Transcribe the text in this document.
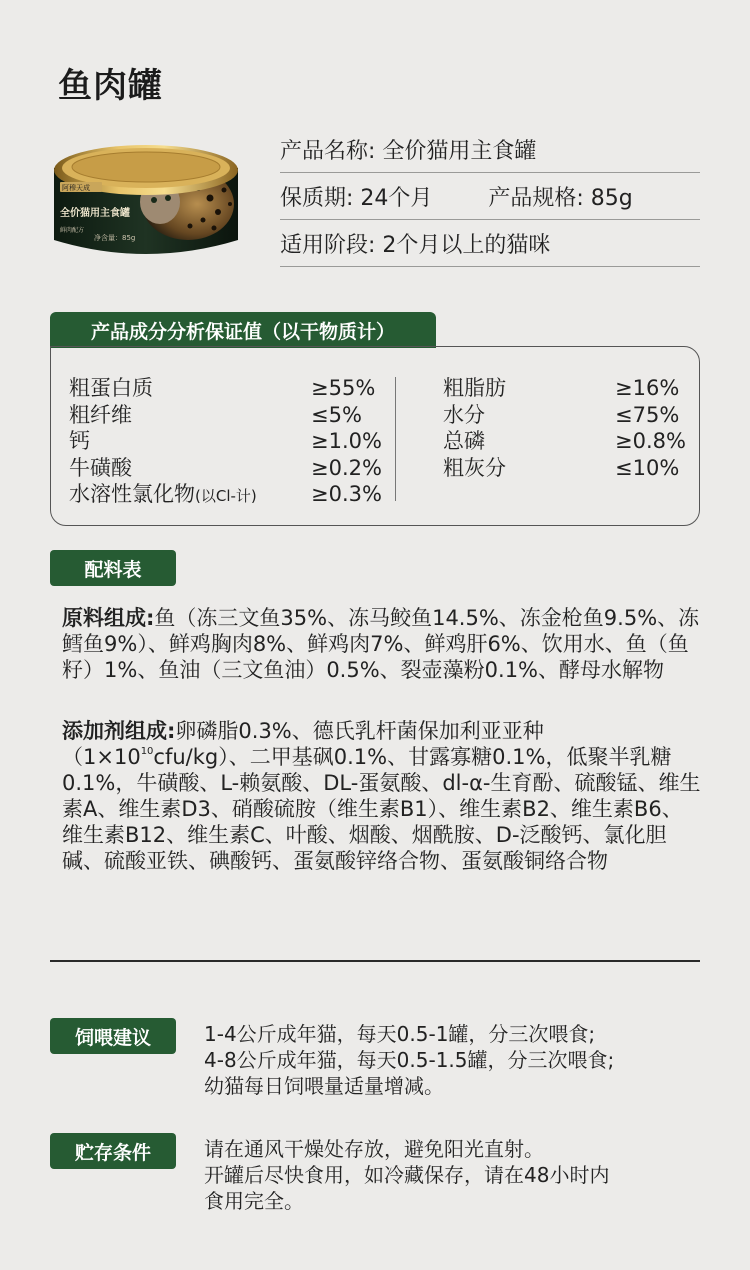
鱼肉罐
阿穆天成
全价猫用主食罐
鲜肉配方
净含量：85g
产品名称: 全价猫用主食罐
保质期: 24个月	产品规格: 85g
适用阶段: 2个月以上的猫咪
产品成分分析保证值（以干物质计）
粗蛋白质	≥55%
粗纤维	≤5%
钙	≥1.0%
牛磺酸	≥0.2%
水溶性氯化物(以Cl-计)	≥0.3%
粗脂肪	≥16%
水分	≤75%
总磷	≥0.8%
粗灰分	≤10%
配料表
原料组成:鱼（冻三文鱼35%、冻马鲛鱼14.5%、冻金枪鱼9.5%、冻鳕鱼9%）、鲜鸡胸肉8%、鲜鸡肉7%、鲜鸡肝6%、饮用水、鱼（鱼籽）1%、鱼油（三文鱼油）0.5%、裂壶藻粉0.1%、酵母水解物
添加剂组成:卵磷脂0.3%、德氏乳杆菌保加利亚亚种$(1\times 10^{10}cfu/kg)$、二甲基砜0.1%、甘露寡糖0.1%，低聚半乳糖0.1%，牛磺酸、L-赖氨酸、DL-蛋氨酸、dl-α-生育酚、硫酸锰、维生素A、维生素D3、硝酸硫胺（维生素B1）、维生素B2、维生素B6、维生素B12、维生素C、叶酸、烟酸、烟酰胺、D-泛酸钙、氯化胆碱、硫酸亚铁、碘酸钙、蛋氨酸锌络合物、蛋氨酸铜络合物
饲喂建议	1-4公斤成年猫，每天0.5-1罐，分三次喂食;
4-8公斤成年猫，每天0.5-1.5罐，分三次喂食;
幼猫每日饲喂量适量增减。
贮存条件	请在通风干燥处存放，避免阳光直射。
开罐后尽快食用，如冷藏保存，请在48小时内
食用完全。
